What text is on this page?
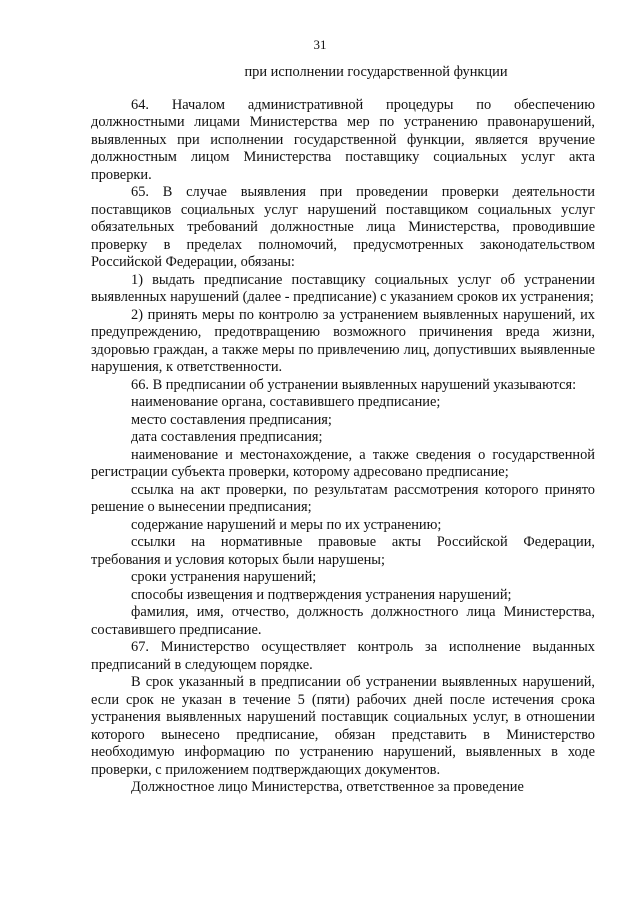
31

при исполнении государственной функции

64. Началом административной процедуры по обеспечению должностными лицами Министерства мер по устранению правонарушений, выявленных при исполнении государственной функции, является вручение должностным лицом Министерства поставщику социальных услуг акта проверки.

65. В случае выявления при проведении проверки деятельности поставщиков социальных услуг нарушений поставщиком социальных услуг обязательных требований должностные лица Министерства, проводившие проверку в пределах полномочий, предусмотренных законодательством Российской Федерации, обязаны:

1) выдать предписание поставщику социальных услуг об устранении выявленных нарушений (далее - предписание) с указанием сроков их устранения;

2) принять меры по контролю за устранением выявленных нарушений, их предупреждению, предотвращению возможного причинения вреда жизни, здоровью граждан, а также меры по привлечению лиц, допустивших выявленные нарушения, к ответственности.

66. В предписании об устранении выявленных нарушений указываются:

наименование органа, составившего предписание;

место составления предписания;

дата составления предписания;

наименование и местонахождение, а также сведения о государственной регистрации субъекта проверки, которому адресовано предписание;

ссылка на акт проверки, по результатам рассмотрения которого принято решение о вынесении предписания;

содержание нарушений и меры по их устранению;

ссылки на нормативные правовые акты Российской Федерации, требования и условия которых были нарушены;

сроки устранения нарушений;

способы извещения и подтверждения устранения нарушений;

фамилия, имя, отчество, должность должностного лица Министерства, составившего предписание.

67. Министерство осуществляет контроль за исполнение выданных предписаний в следующем порядке.

В срок указанный в предписании об устранении выявленных нарушений, если срок не указан в течение 5 (пяти) рабочих дней после истечения срока устранения выявленных нарушений поставщик социальных услуг, в отношении которого вынесено предписание, обязан представить в Министерство необходимую информацию по устранению нарушений, выявленных в ходе проверки, с приложением подтверждающих документов.

Должностное лицо Министерства, ответственное за проведение
